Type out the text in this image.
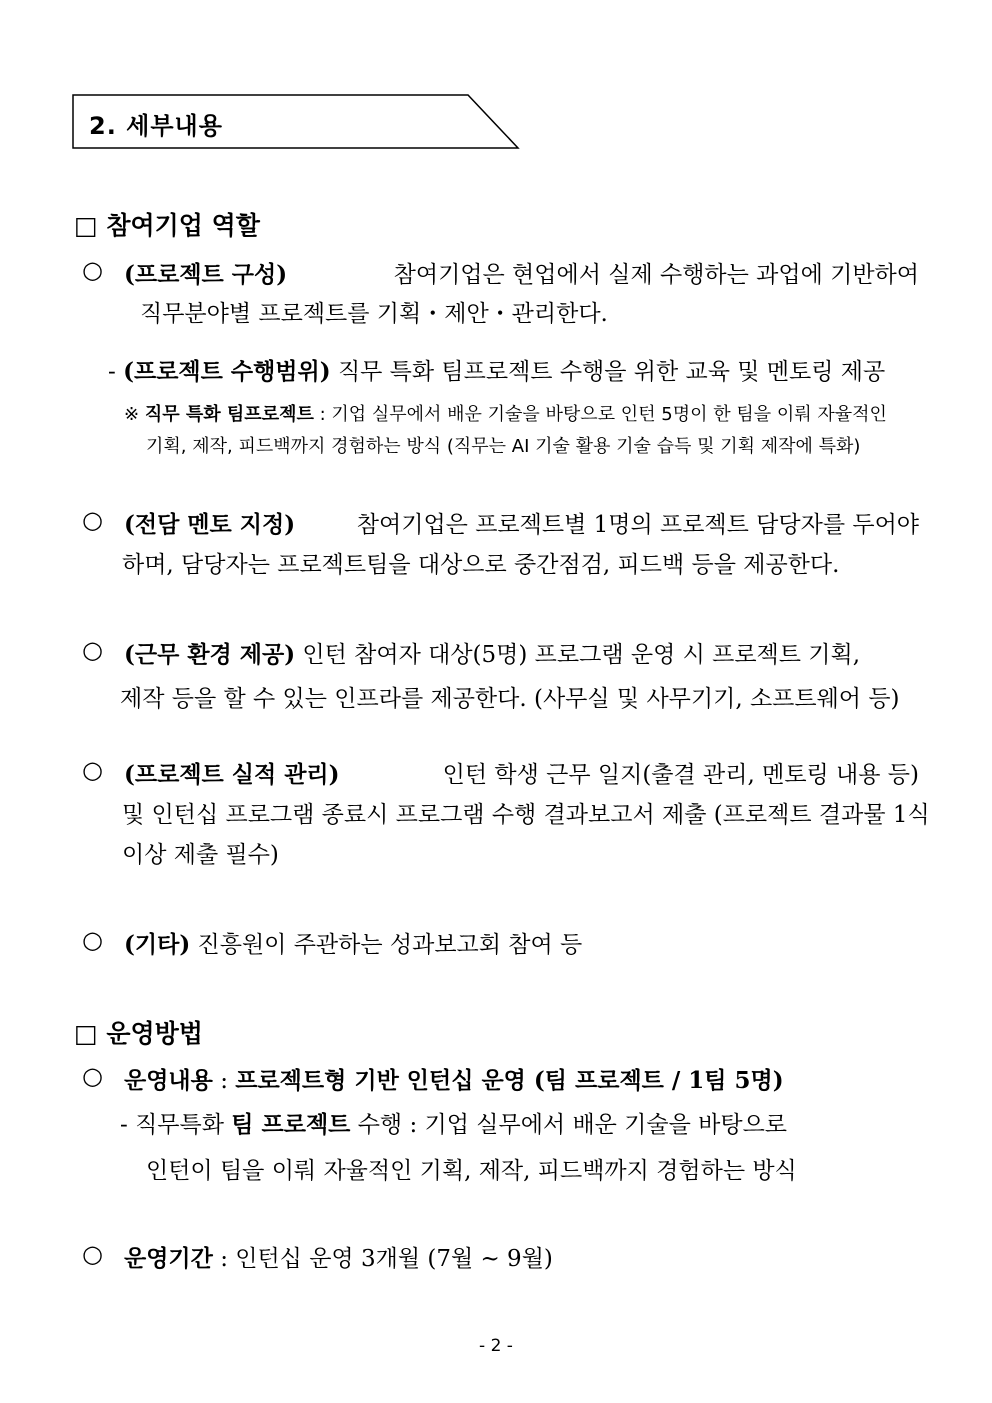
2. 세부내용
□ 참여기업 역할
○ (프로젝트 구성)	참여기업은 현업에서 실제 수행하는 과업에 기반하여
직무분야별 프로젝트를 기획・제안・관리한다.
- (프로젝트 수행범위) 직무 특화 팀프로젝트 수행을 위한 교육 및 멘토링 제공
※ 직무 특화 팀프로젝트 : 기업 실무에서 배운 기술을 바탕으로 인턴 5명이 한 팀을 이뤄 자율적인
기획, 제작, 피드백까지 경험하는 방식 (직무는 AI 기술 활용 기술 습득 및 기획 제작에 특화)
○ (전담 멘토 지정)	참여기업은 프로젝트별 1명의 프로젝트 담당자를 두어야
하며, 담당자는 프로젝트팀을 대상으로 중간점검, 피드백 등을 제공한다.
○ (근무 환경 제공) 인턴 참여자 대상(5명) 프로그램 운영 시 프로젝트 기획,
제작 등을 할 수 있는 인프라를 제공한다. (사무실 및 사무기기, 소프트웨어 등)
○ (프로젝트 실적 관리)	인턴 학생 근무 일지(출결 관리, 멘토링 내용 등)
및 인턴십 프로그램 종료시 프로그램 수행 결과보고서 제출 (프로젝트 결과물 1식
이상 제출 필수)
○ (기타) 진흥원이 주관하는 성과보고회 참여 등
□ 운영방법
○ 운영내용 : 프로젝트형 기반 인턴십 운영 (팀 프로젝트 / 1팀 5명)
- 직무특화 팀 프로젝트 수행 : 기업 실무에서 배운 기술을 바탕으로
인턴이 팀을 이뤄 자율적인 기획, 제작, 피드백까지 경험하는 방식
○ 운영기간 : 인턴십 운영 3개월 (7월 ~ 9월)
- 2 -
